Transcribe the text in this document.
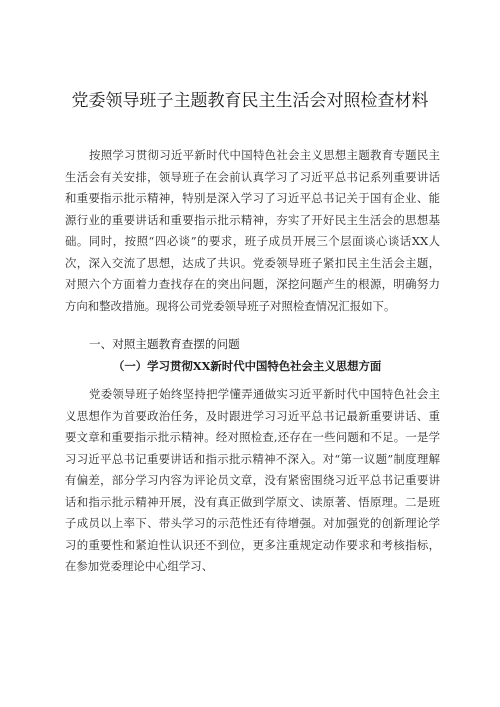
党委领导班子主题教育民主生活会对照检查材料

按照学习贯彻习近平新时代中国特色社会主义思想主题教育专题民主生活会有关安排，领导班子在会前认真学习了习近平总书记系列重要讲话和重要指示批示精神，特别是深入学习了习近平总书记关于国有企业、能源行业的重要讲话和重要指示批示精神，夯实了开好民主生活会的思想基础。同时，按照“四必谈”的要求，班子成员开展三个层面谈心谈话XX人次，深入交流了思想，达成了共识。党委领导班子紧扣民主生活会主题，对照六个方面着力查找存在的突出问题，深挖问题产生的根源，明确努力方向和整改措施。现将公司党委领导班子对照检查情况汇报如下。

一、对照主题教育查摆的问题

（一）学习贯彻XX新时代中国特色社会主义思想方面

党委领导班子始终坚持把学懂弄通做实习近平新时代中国特色社会主义思想作为首要政治任务，及时跟进学习习近平总书记最新重要讲话、重要文章和重要指示批示精神。经对照检查,还存在一些问题和不足。一是学习习近平总书记重要讲话和指示批示精神不深入。对“第一议题”制度理解有偏差，部分学习内容为评论员文章，没有紧密围绕习近平总书记重要讲话和指示批示精神开展，没有真正做到学原文、读原著、悟原理。二是班子成员以上率下、带头学习的示范性还有待增强。对加强党的创新理论学习的重要性和紧迫性认识还不到位，更多注重规定动作要求和考核指标，在参加党委理论中心组学习、
